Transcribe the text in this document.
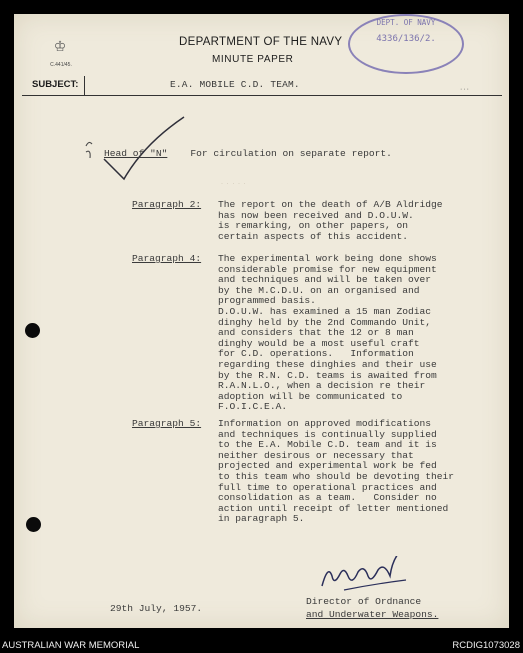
♔
C.441/45.
DEPARTMENT OF THE NAVY
MINUTE PAPER
DEPT. OF NAVY
4336/136/2.
SUBJECT:	E.A. MOBILE C.D. TEAM.	···
Head of "N" For circulation on separate report.
· · · · ·
Paragraph 2: The report on the death of A/B Aldridge
has now been received and D.O.U.W.
is remarking, on other papers, on
certain aspects of this accident.
Paragraph 4: The experimental work being done shows
considerable promise for new equipment
and techniques and will be taken over
by the M.C.D.U. on an organised and
programmed basis.
D.O.U.W. has examined a 15 man Zodiac
dinghy held by the 2nd Commando Unit,
and considers that the 12 or 8 man
dinghy would be a most useful craft
for C.D. operations.   Information
regarding these dinghies and their use
by the R.N. C.D. teams is awaited from
R.A.N.L.O., when a decision re their
adoption will be communicated to
F.O.I.C.E.A.
Paragraph 5: Information on approved modifications
and techniques is continually supplied
to the E.A. Mobile C.D. team and it is
neither desirous or necessary that
projected and experimental work be fed
to this team who should be devoting their
full time to operational practices and
consolidation as a team.   Consider no
action until receipt of letter mentioned
in paragraph 5.
29th July, 1957.
Director of Ordnance
and Underwater Weapons.
AUSTRALIAN WAR MEMORIAL	RCDIG1073028
